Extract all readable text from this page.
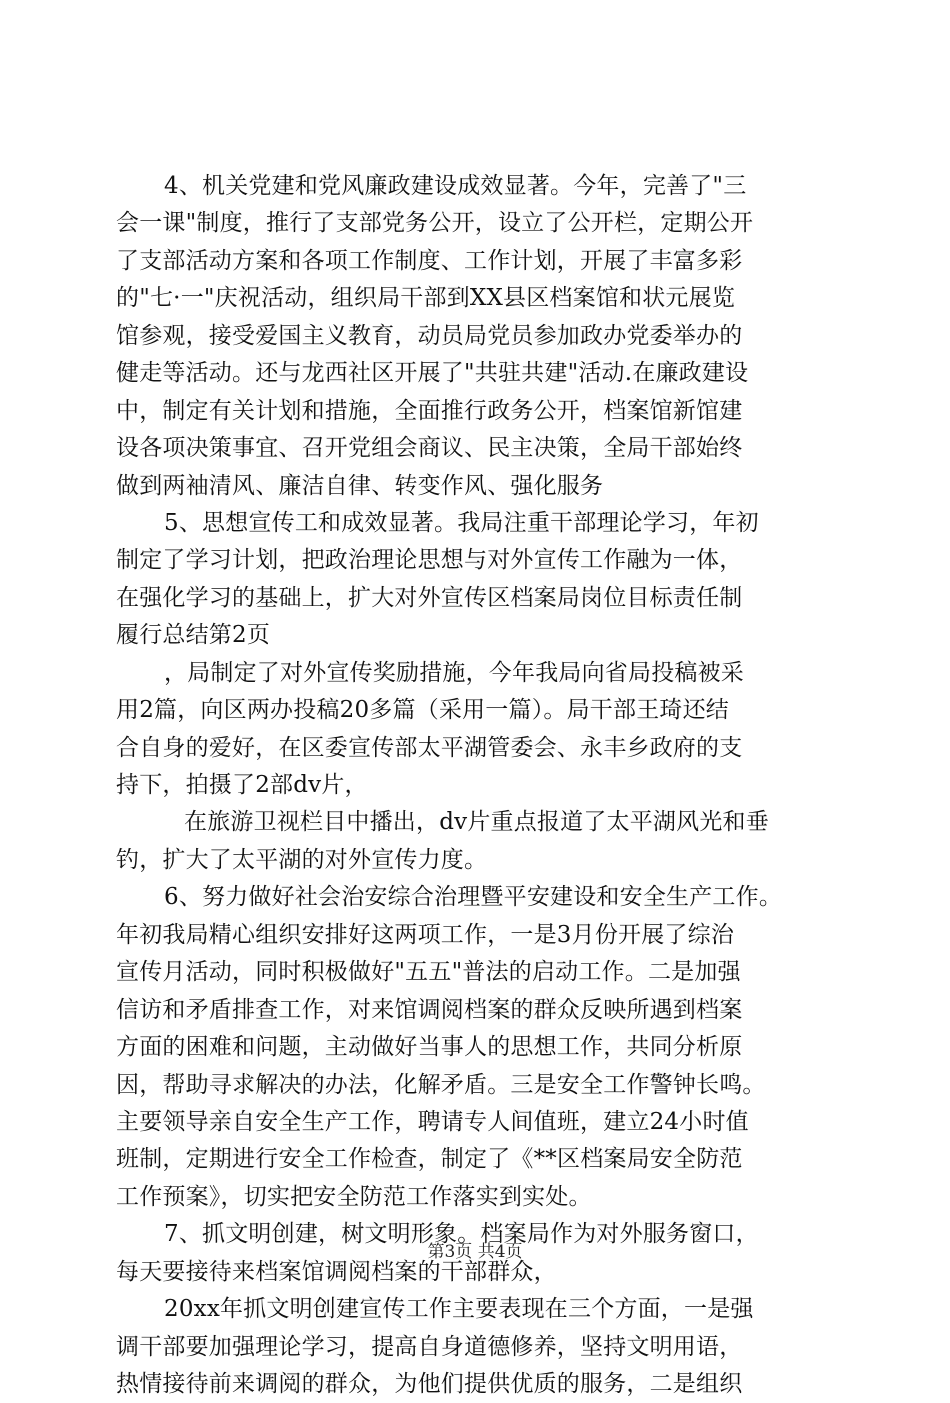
4、机关党建和党风廉政建设成效显著。今年，完善了"三
会一课"制度，推行了支部党务公开，设立了公开栏，定期公开
了支部活动方案和各项工作制度、工作计划，开展了丰富多彩
的"七·一"庆祝活动，组织局干部到XX县区档案馆和状元展览
馆参观，接受爱国主义教育，动员局党员参加政办党委举办的
健走等活动。还与龙西社区开展了"共驻共建"活动.在廉政建设
中，制定有关计划和措施，全面推行政务公开，档案馆新馆建
设各项决策事宜、召开党组会商议、民主决策，全局干部始终
做到两袖清风、廉洁自律、转变作风、强化服务
5、思想宣传工和成效显著。我局注重干部理论学习，年初
制定了学习计划，把政治理论思想与对外宣传工作融为一体，
在强化学习的基础上，扩大对外宣传区档案局岗位目标责任制
履行总结第2页
，局制定了对外宣传奖励措施，今年我局向省局投稿被采
用2篇，向区两办投稿20多篇（采用一篇）。局干部王琦还结
合自身的爱好，在区委宣传部太平湖管委会、永丰乡政府的支
持下，拍摄了2部dv片，
在旅游卫视栏目中播出，dv片重点报道了太平湖风光和垂
钓，扩大了太平湖的对外宣传力度。
6、努力做好社会治安综合治理暨平安建设和安全生产工作。
年初我局精心组织安排好这两项工作，一是3月份开展了综治
宣传月活动，同时积极做好"五五"普法的启动工作。二是加强
信访和矛盾排查工作，对来馆调阅档案的群众反映所遇到档案
方面的困难和问题，主动做好当事人的思想工作，共同分析原
因，帮助寻求解决的办法，化解矛盾。三是安全工作警钟长鸣。
主要领导亲自安全生产工作，聘请专人间值班，建立24小时值
班制，定期进行安全工作检查，制定了《**区档案局安全防范
工作预案》，切实把安全防范工作落实到实处。
7、抓文明创建，树文明形象。档案局作为对外服务窗口，
每天要接待来档案馆调阅档案的干部群众，
20xx年抓文明创建宣传工作主要表现在三个方面，一是强
调干部要加强理论学习，提高自身道德修养，坚持文明用语，
热情接待前来调阅的群众，为他们提供优质的服务，二是组织
第3页 共4页
